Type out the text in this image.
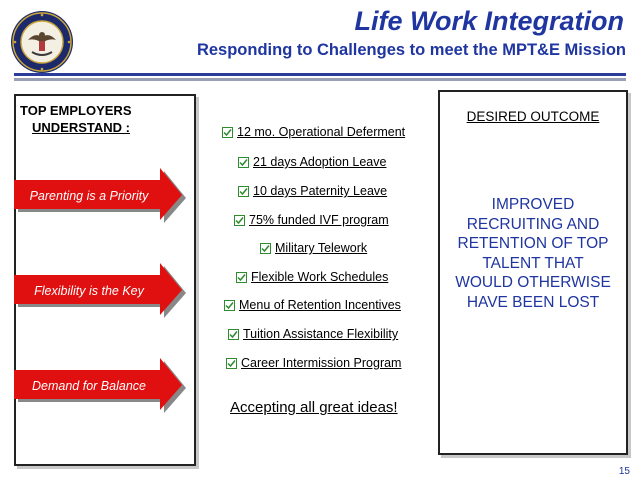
Life Work Integration
Responding to Challenges to meet the MPT&E Mission
TOP EMPLOYERS
UNDERSTAND :
Parenting is a Priority
Flexibility is the Key
Demand for Balance
12 mo. Operational Deferment
21 days Adoption Leave
10 days Paternity Leave
75% funded IVF program
Military Telework
Flexible Work Schedules
Menu of Retention Incentives
Tuition Assistance Flexibility
Career Intermission Program
Accepting all great ideas!
DESIRED OUTCOME
IMPROVED
RECRUITING AND
RETENTION OF TOP
TALENT THAT
WOULD OTHERWISE
HAVE BEEN LOST
15
